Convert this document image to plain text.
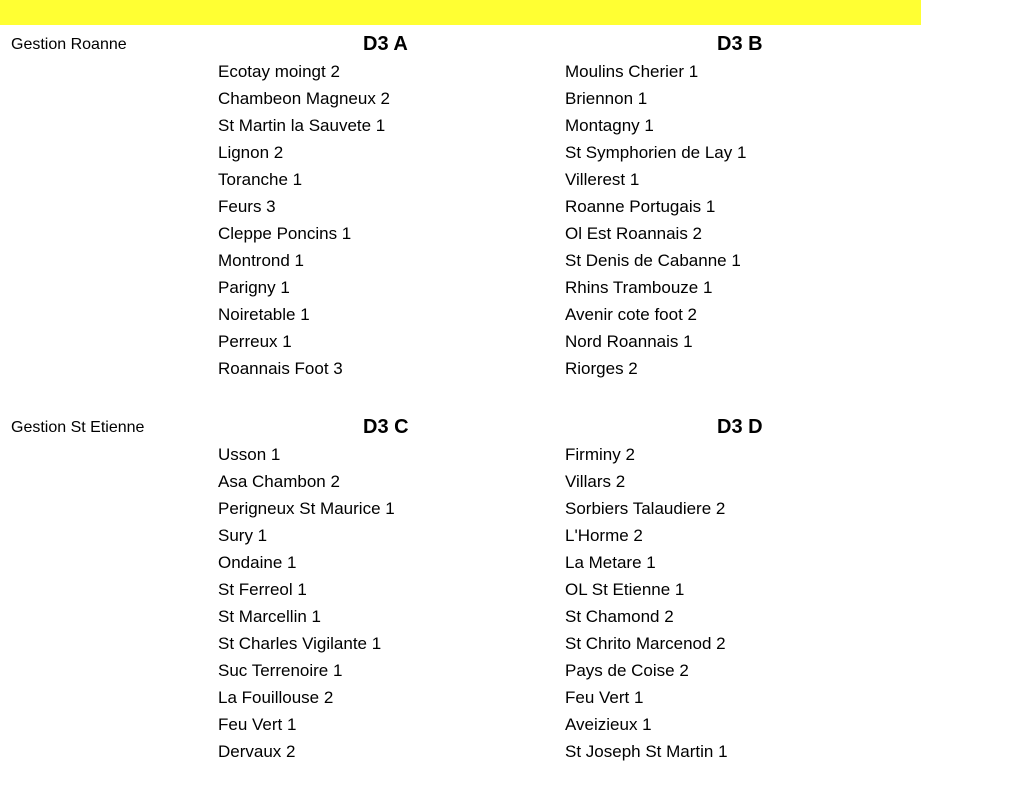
Gestion Roanne	D3 A
Ecotay moingt 2
Chambeon Magneux 2
St Martin la Sauvete 1
Lignon 2
Toranche 1
Feurs 3
Cleppe Poncins 1
Montrond 1
Parigny 1
Noiretable 1
Perreux 1
Roannais Foot 3
D3 B
Moulins Cherier 1
Briennon 1
Montagny 1
St Symphorien de Lay 1
Villerest 1
Roanne Portugais 1
Ol Est Roannais 2
St Denis de Cabanne 1
Rhins Trambouze 1
Avenir cote foot 2
Nord Roannais 1
Riorges 2
Gestion St Etienne	D3 C
Usson 1
Asa Chambon 2
Perigneux St Maurice 1
Sury 1
Ondaine 1
St Ferreol 1
St Marcellin 1
St Charles Vigilante 1
Suc Terrenoire 1
La Fouillouse 2
Feu Vert 1
Dervaux 2
D3 D
Firminy 2
Villars 2
Sorbiers Talaudiere 2
L'Horme 2
La Metare 1
OL St Etienne 1
St Chamond 2
St Chrito Marcenod 2
Pays de Coise 2
Feu Vert 1
Aveizieux 1
St Joseph St Martin 1
